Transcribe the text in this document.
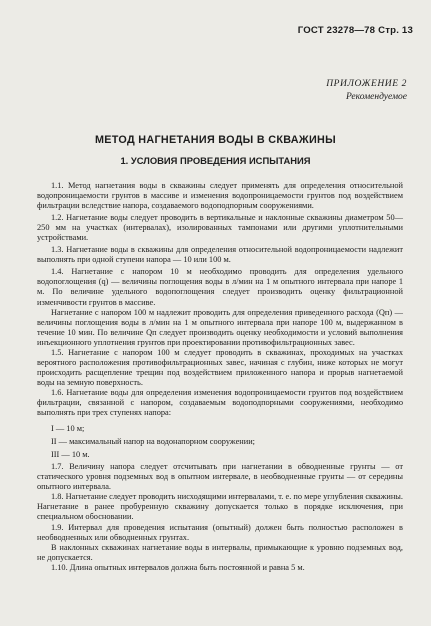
ГОСТ 23278—78 Стр. 13
ПРИЛОЖЕНИЕ 2
Рекомендуемое
МЕТОД НАГНЕТАНИЯ ВОДЫ В СКВАЖИНЫ
1. УСЛОВИЯ ПРОВЕДЕНИЯ ИСПЫТАНИЯ

1.1. Метод нагнетания воды в скважины следует применять для определения относительной водопроницаемости грунтов в массиве и изменения водопроницаемости грунтов под воздействием фильтрации вследствие напора, создаваемого водоподпорным сооружениями.

1.2. Нагнетание воды следует проводить в вертикальные и наклонные скважины диаметром 50—250 мм на участках (интервалах), изолированных тампонами или другими уплотнительными устройствами.

1.3. Нагнетание воды в скважины для определения относительной водопроницаемости надлежит выполнять при одной ступени напора — 10 или 100 м.

1.4. Нагнетание с напором 10 м необходимо проводить для определения удельного водопоглощения (q) — величины поглощения воды в л/мин на 1 м опытного интервала при напоре 1 м. По величине удельного водопоглощения следует производить оценку фильтрационной изменчивости грунтов в массиве.

Нагнетание с напором 100 м надлежит проводить для определения приведенного расхода (Qп) — величины поглощения воды в л/мин на 1 м опытного интервала при напоре 100 м, выдержанном в течение 10 мин. По величине Qп следует производить оценку необходимости и условий выполнения инъекционного уплотнения грунтов при проектировании противофильтрационных завес.

1.5. Нагнетание с напором 100 м следует проводить в скважинах, проходимых на участках вероятного расположения противофильтрационных завес, начиная с глубин, ниже которых не могут происходить расщепление трещин под воздействием приложенного напора и прорыв нагнетаемой воды на земную поверхность.

1.6. Нагнетание воды для определения изменения водопроницаемости грунтов под воздействием фильтрации, связанной с напором, создаваемым водоподпорными сооружениями, необходимо выполнять при трех ступенях напора:

I — 10 м;

II — максимальный напор на водонапорном сооружении;

III — 10 м.

1.7. Величину напора следует отсчитывать при нагнетании в обводненные грунты — от статического уровня подземных вод в опытном интервале, в необводненные грунты — от середины опытного интервала.

1.8. Нагнетание следует проводить нисходящими интервалами, т. е. по мере углубления скважины. Нагнетание в ранее пробуренную скважину допускается только в порядке исключения, при специальном обосновании.

1.9. Интервал для проведения испытания (опытный) должен быть полностью расположен в необводненных или обводненных грунтах.

В наклонных скважинах нагнетание воды в интервалы, примыкающие к уровню подземных вод, не допускается.

1.10. Длина опытных интервалов должна быть постоянной и равна 5 м.
